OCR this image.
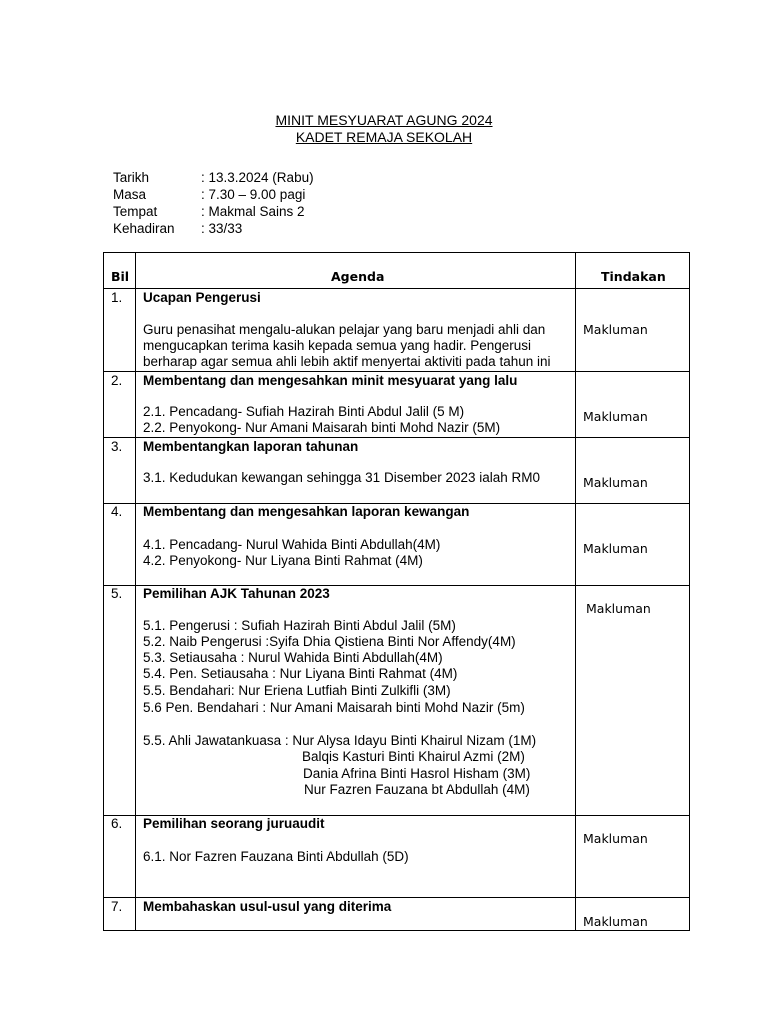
MINIT MESYUARAT AGUNG 2024
KADET REMAJA SEKOLAH
Tarikh	: 13.3.2024 (Rabu)
Masa	: 7.30 – 9.00 pagi
Tempat	: Makmal Sains 2
Kehadiran : 33/33
Bil	Agenda	Tindakan
1. Ucapan Pengerusi
Guru penasihat mengalu-alukan pelajar yang baru menjadi ahli dan mengucapkan terima kasih kepada semua yang hadir. Pengerusi berharap agar semua ahli lebih aktif menyertai aktiviti pada tahun ini
Makluman
2. Membentang dan mengesahkan minit mesyuarat yang lalu
2.1. Pencadang- Sufiah Hazirah Binti Abdul Jalil (5 M)
2.2. Penyokong- Nur Amani Maisarah binti Mohd Nazir (5M)
Makluman
3. Membentangkan laporan tahunan
3.1. Kedudukan kewangan sehingga 31 Disember 2023 ialah RM0	Makluman
4. Membentang dan mengesahkan laporan kewangan
4.1. Pencadang- Nurul Wahida Binti Abdullah(4M)
4.2. Penyokong- Nur Liyana Binti Rahmat (4M)
Makluman
5. Pemilihan AJK Tahunan 2023
5.1. Pengerusi : Sufiah Hazirah Binti Abdul Jalil (5M)
5.2. Naib Pengerusi :Syifa Dhia Qistiena Binti Nor Affendy(4M)
5.3. Setiausaha : Nurul Wahida Binti Abdullah(4M)
5.4. Pen. Setiausaha : Nur Liyana Binti Rahmat (4M)
5.5. Bendahari: Nur Eriena Lutfiah Binti Zulkifli (3M)
5.6 Pen. Bendahari : Nur Amani Maisarah binti Mohd Nazir (5m)
5.5. Ahli Jawatankuasa : Nur Alysa Idayu Binti Khairul Nizam (1M)
Balqis Kasturi Binti Khairul Azmi (2M)
Dania Afrina Binti Hasrol Hisham (3M)
Nur Fazren Fauzana bt Abdullah (4M)
Makluman
6. Pemilihan seorang juruaudit
6.1. Nor Fazren Fauzana Binti Abdullah (5D)
Makluman
7. Membahaskan usul-usul yang diterima
Makluman
